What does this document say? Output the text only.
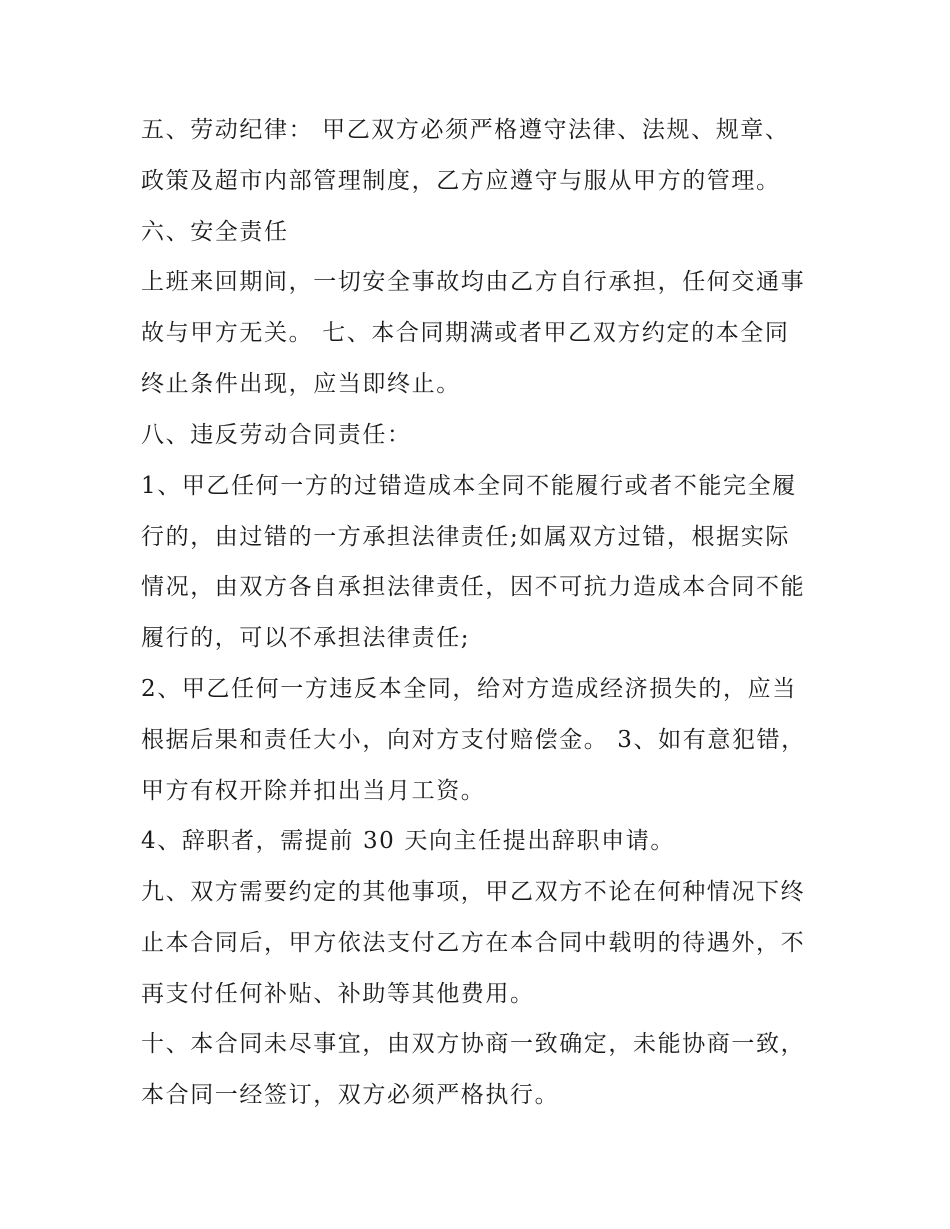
五、劳动纪律： 甲乙双方必须严格遵守法律、法规、规章、
政策及超市内部管理制度，乙方应遵守与服从甲方的管理。
六、安全责任
上班来回期间，一切安全事故均由乙方自行承担，任何交通事
故与甲方无关。 七、本合同期满或者甲乙双方约定的本全同
终止条件出现，应当即终止。
八、违反劳动合同责任：
1、甲乙任何一方的过错造成本全同不能履行或者不能完全履
行的，由过错的一方承担法律责任;如属双方过错，根据实际
情况，由双方各自承担法律责任，因不可抗力造成本合同不能
履行的，可以不承担法律责任;
2、甲乙任何一方违反本全同，给对方造成经济损失的，应当
根据后果和责任大小，向对方支付赔偿金。 3、如有意犯错，
甲方有权开除并扣出当月工资。
4、辞职者，需提前 30 天向主任提出辞职申请。
九、双方需要约定的其他事项，甲乙双方不论在何种情况下终
止本合同后，甲方依法支付乙方在本合同中载明的待遇外，不
再支付任何补贴、补助等其他费用。
十、本合同未尽事宜，由双方协商一致确定，未能协商一致，
本合同一经签订，双方必须严格执行。
